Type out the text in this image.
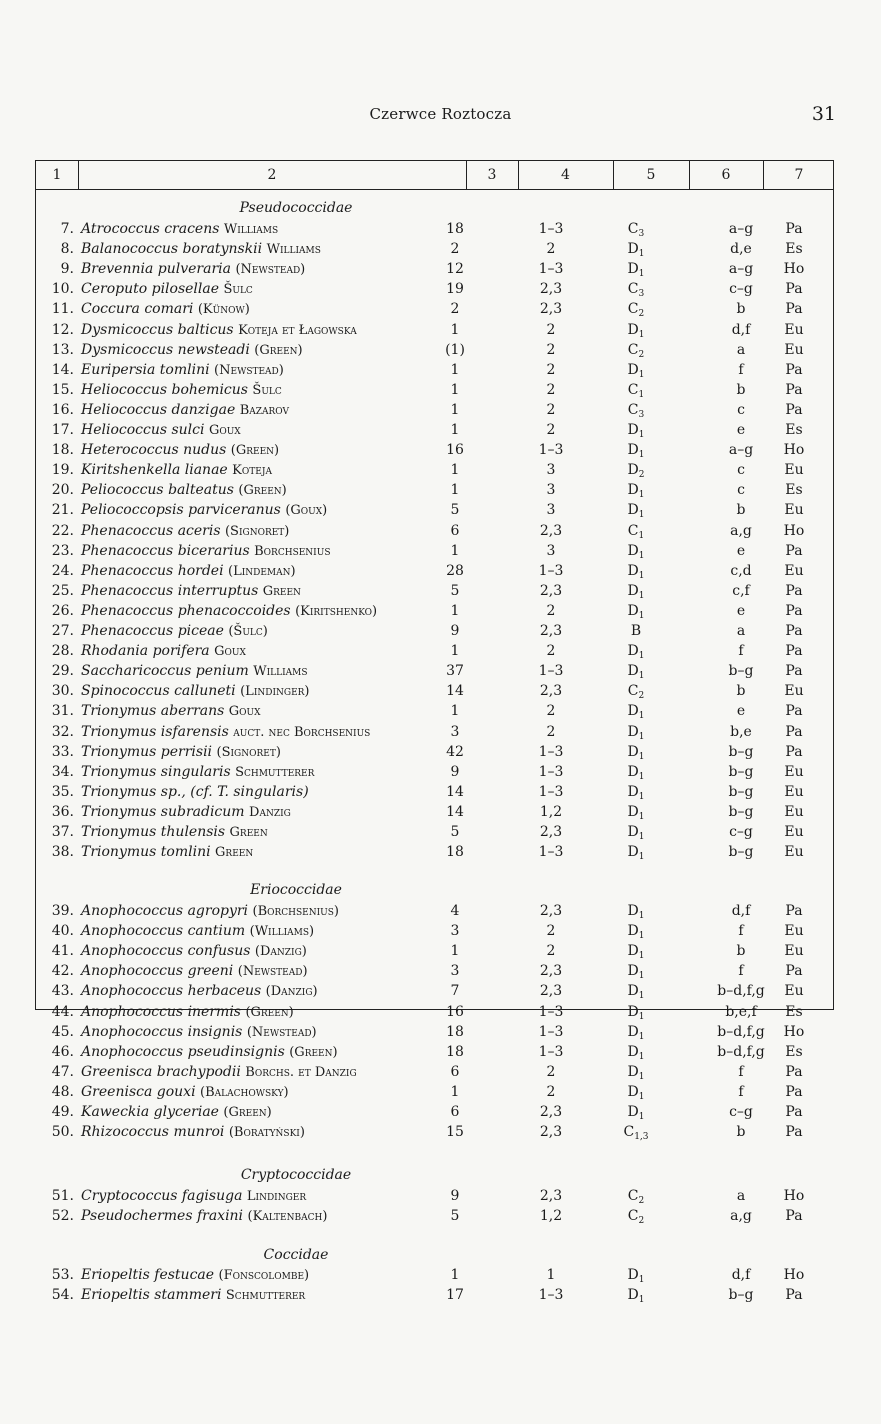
Czerwce Roztocza	31
1	2	3	4	5	6	7
Pseudococcidae
7. Atrococcus cracens Williams	18	1–3	$C_3$	a–g	Pa
8. Balanococcus boratynskii Williams	2	2	$D_1$	d,e	Es
9. Brevennia pulveraria (Newstead)	12	1–3	$D_1$	a–g	Ho
10. Ceroputo pilosellae Šulc	19	2,3	$C_3$	c–g	Pa
11. Coccura comari (Künow)	2	2,3	$C_2$	b	Pa
12. Dysmicoccus balticus Koteja et Łagowska	1	2	$D_1$	d,f	Eu
13. Dysmicoccus newsteadi (Green)	(1)	2	$C_2$	a	Eu
14. Euripersia tomlini (Newstead)	1	2	$D_1$	f	Pa
15. Heliococcus bohemicus Šulc	1	2	$C_1$	b	Pa
16. Heliococcus danzigae Bazarov	1	2	$C_3$	c	Pa
17. Heliococcus sulci Goux	1	2	$D_1$	e	Es
18. Heterococcus nudus (Green)	16	1–3	$D_1$	a–g	Ho
19. Kiritshenkella lianae Koteja	1	3	$D_2$	c	Eu
20. Peliococcus balteatus (Green)	1	3	$D_1$	c	Es
21. Peliococcopsis parviceranus (Goux)	5	3	$D_1$	b	Eu
22. Phenacoccus aceris (Signoret)	6	2,3	$C_1$	a,g	Ho
23. Phenacoccus bicerarius Borchsenius	1	3	$D_1$	e	Pa
24. Phenacoccus hordei (Lindeman)	28	1–3	$D_1$	c,d	Eu
25. Phenacoccus interruptus Green	5	2,3	$D_1$	c,f	Pa
26. Phenacoccus phenacoccoides (Kiritshenko)	1	2	$D_1$	e	Pa
27. Phenacoccus piceae (Šulc)	9	2,3	B	a	Pa
28. Rhodania porifera Goux	1	2	$D_1$	f	Pa
29. Saccharicoccus penium Williams	37	1–3	$D_1$	b–g	Pa
30. Spinococcus calluneti (Lindinger)	14	2,3	$C_2$	b	Eu
31. Trionymus aberrans Goux	1	2	$D_1$	e	Pa
32. Trionymus isfarensis auct. nec Borchsenius	3	2	$D_1$	b,e	Pa
33. Trionymus perrisii (Signoret)	42	1–3	$D_1$	b–g	Pa
34. Trionymus singularis Schmutterer	9	1–3	$D_1$	b–g	Eu
35. Trionymus sp., (cf. T. singularis)	14	1–3	$D_1$	b–g	Eu
36. Trionymus subradicum Danzig	14	1,2	$D_1$	b–g	Eu
37. Trionymus thulensis Green	5	2,3	$D_1$	c–g	Eu
38. Trionymus tomlini Green	18	1–3	$D_1$	b–g	Eu
Eriococcidae
39. Anophococcus agropyri (Borchsenius)	4	2,3	$D_1$	d,f	Pa
40. Anophococcus cantium (Williams)	3	2	$D_1$	f	Eu
41. Anophococcus confusus (Danzig)	1	2	$D_1$	b	Eu
42. Anophococcus greeni (Newstead)	3	2,3	$D_1$	f	Pa
43. Anophococcus herbaceus (Danzig)	7	2,3	$D_1$	b–d,f,g	Eu
44. Anophococcus inermis (Green)	16	1–3	$D_1$	b,e,f	Es
45. Anophococcus insignis (Newstead)	18	1–3	$D_1$	b–d,f,g	Ho
46. Anophococcus pseudinsignis (Green)	18	1–3	$D_1$	b–d,f,g	Es
47. Greenisca brachypodii Borchs. et Danzig	6	2	$D_1$	f	Pa
48. Greenisca gouxi (Balachowsky)	1	2	$D_1$	f	Pa
49. Kaweckia glyceriae (Green)	6	2,3	$D_1$	c–g	Pa
50. Rhizococcus munroi (Boratyński)	15	2,3	$C_{1,3}$	b	Pa
Cryptococcidae
51. Cryptococcus fagisuga Lindinger	9	2,3	$C_2$	a	Ho
52. Pseudochermes fraxini (Kaltenbach)	5	1,2	$C_2$	a,g	Pa
Coccidae
53. Eriopeltis festucae (Fonscolombe)	1	1	$D_1$	d,f	Ho
54. Eriopeltis stammeri Schmutterer	17	1–3	$D_1$	b–g	Pa
